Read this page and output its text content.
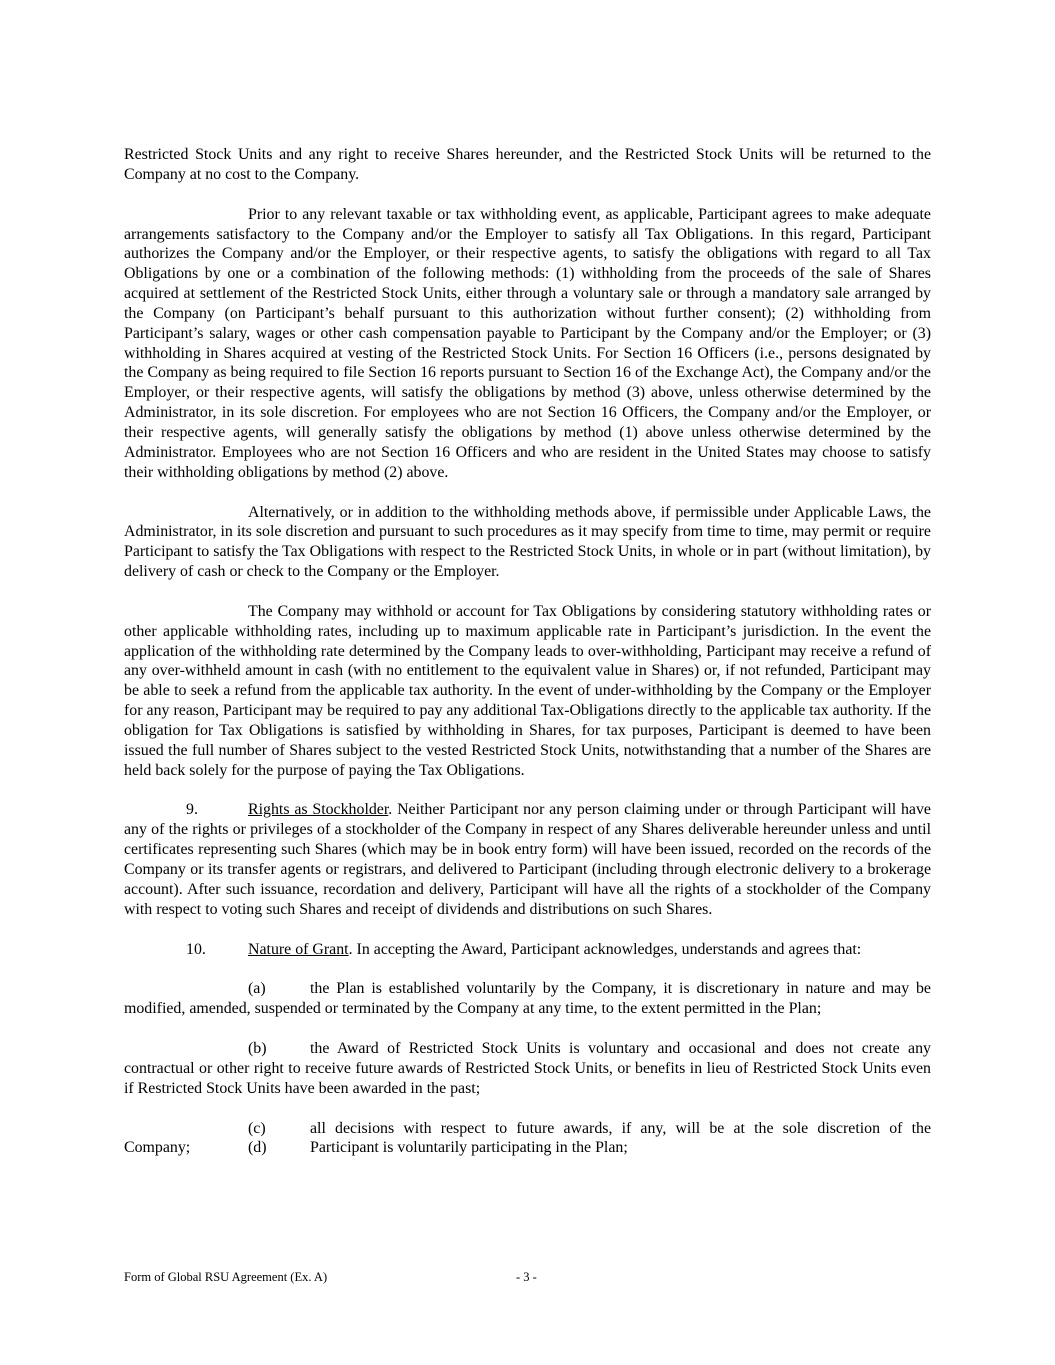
Restricted Stock Units and any right to receive Shares hereunder, and the Restricted Stock Units will be returned to the Company at no cost to the Company.

Prior to any relevant taxable or tax withholding event, as applicable, Participant agrees to make adequate arrangements satisfactory to the Company and/or the Employer to satisfy all Tax Obligations. In this regard, Participant authorizes the Company and/or the Employer, or their respective agents, to satisfy the obligations with regard to all Tax Obligations by one or a combination of the following methods: (1) withholding from the proceeds of the sale of Shares acquired at settlement of the Restricted Stock Units, either through a voluntary sale or through a mandatory sale arranged by the Company (on Participant’s behalf pursuant to this authorization without further consent); (2) withholding from Participant’s salary, wages or other cash compensation payable to Participant by the Company and/or the Employer; or (3) withholding in Shares acquired at vesting of the Restricted Stock Units. For Section 16 Officers (i.e., persons designated by the Company as being required to file Section 16 reports pursuant to Section 16 of the Exchange Act), the Company and/or the Employer, or their respective agents, will satisfy the obligations by method (3) above, unless otherwise determined by the Administrator, in its sole discretion. For employees who are not Section 16 Officers, the Company and/or the Employer, or their respective agents, will generally satisfy the obligations by method (1) above unless otherwise determined by the Administrator. Employees who are not Section 16 Officers and who are resident in the United States may choose to satisfy their withholding obligations by method (2) above.

Alternatively, or in addition to the withholding methods above, if permissible under Applicable Laws, the Administrator, in its sole discretion and pursuant to such procedures as it may specify from time to time, may permit or require Participant to satisfy the Tax Obligations with respect to the Restricted Stock Units, in whole or in part (without limitation), by delivery of cash or check to the Company or the Employer.

The Company may withhold or account for Tax Obligations by considering statutory withholding rates or other applicable withholding rates, including up to maximum applicable rate in Participant’s jurisdiction. In the event the application of the withholding rate determined by the Company leads to over-withholding, Participant may receive a refund of any over-withheld amount in cash (with no entitlement to the equivalent value in Shares) or, if not refunded, Participant may be able to seek a refund from the applicable tax authority. In the event of under-withholding by the Company or the Employer for any reason, Participant may be required to pay any additional Tax-Obligations directly to the applicable tax authority. If the obligation for Tax Obligations is satisfied by withholding in Shares, for tax purposes, Participant is deemed to have been issued the full number of Shares subject to the vested Restricted Stock Units, notwithstanding that a number of the Shares are held back solely for the purpose of paying the Tax Obligations.

9.	Rights as Stockholder. Neither Participant nor any person claiming under or through Participant will have any of the rights or privileges of a stockholder of the Company in respect of any Shares deliverable hereunder unless and until certificates representing such Shares (which may be in book entry form) will have been issued, recorded on the records of the Company or its transfer agents or registrars, and delivered to Participant (including through electronic delivery to a brokerage account). After such issuance, recordation and delivery, Participant will have all the rights of a stockholder of the Company with respect to voting such Shares and receipt of dividends and distributions on such Shares.

10.	Nature of Grant. In accepting the Award, Participant acknowledges, understands and agrees that:

(a)	the Plan is established voluntarily by the Company, it is discretionary in nature and may be modified, amended, suspended or terminated by the Company at any time, to the extent permitted in the Plan;

(b)	the Award of Restricted Stock Units is voluntary and occasional and does not create any contractual or other right to receive future awards of Restricted Stock Units, or benefits in lieu of Restricted Stock Units even if Restricted Stock Units have been awarded in the past;

(c)	all decisions with respect to future awards, if any, will be at the sole discretion of the

Company;	(d)	Participant is voluntarily participating in the Plan;

Form of Global RSU Agreement (Ex. A)	- 3 -
